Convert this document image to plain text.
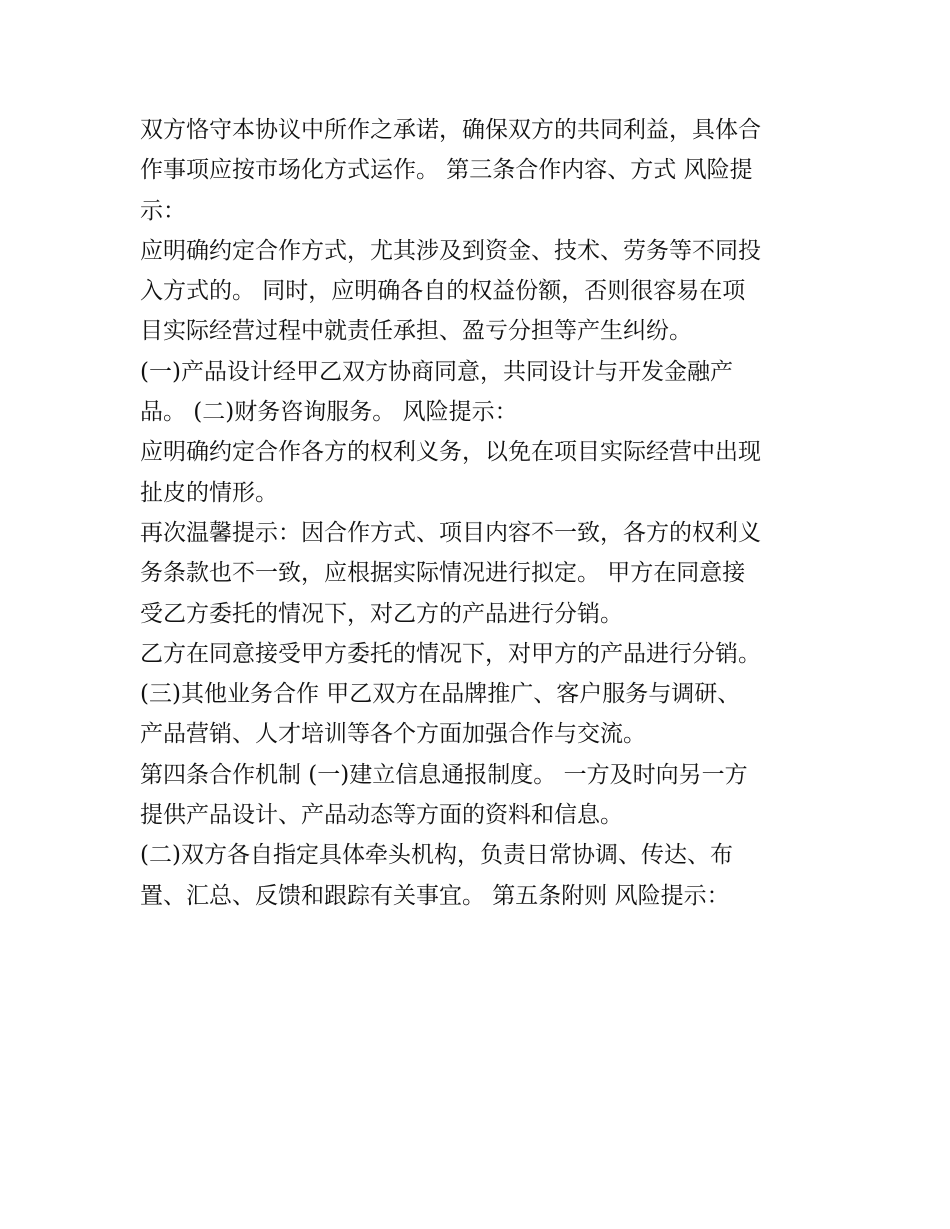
双方恪守本协议中所作之承诺，确保双方的共同利益，具体合
作事项应按市场化方式运作。 第三条合作内容、方式 风险提
示：
应明确约定合作方式，尤其涉及到资金、技术、劳务等不同投
入方式的。 同时，应明确各自的权益份额，否则很容易在项
目实际经营过程中就责任承担、盈亏分担等产生纠纷。
(一)产品设计经甲乙双方协商同意，共同设计与开发金融产
品。 (二)财务咨询服务。 风险提示：
应明确约定合作各方的权利义务，以免在项目实际经营中出现
扯皮的情形。
再次温馨提示：因合作方式、项目内容不一致，各方的权利义
务条款也不一致，应根据实际情况进行拟定。 甲方在同意接
受乙方委托的情况下，对乙方的产品进行分销。
乙方在同意接受甲方委托的情况下，对甲方的产品进行分销。
(三)其他业务合作 甲乙双方在品牌推广、客户服务与调研、
产品营销、人才培训等各个方面加强合作与交流。
第四条合作机制 (一)建立信息通报制度。 一方及时向另一方
提供产品设计、产品动态等方面的资料和信息。
(二)双方各自指定具体牵头机构，负责日常协调、传达、布
置、汇总、反馈和跟踪有关事宜。 第五条附则 风险提示：
